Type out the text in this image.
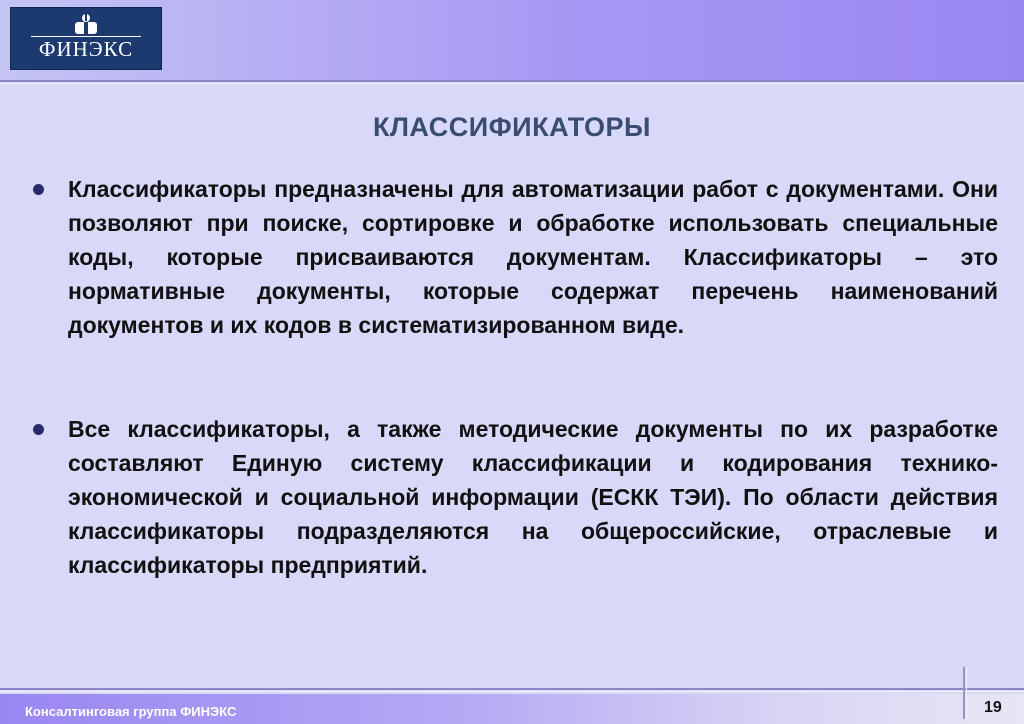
ФИНЭКС
КЛАССИФИКАТОРЫ
Классификаторы предназначены для автоматизации работ с документами. Они позволяют при поиске, сортировке и обработке использовать специальные коды, которые присваиваются документам. Классификаторы – это нормативные документы, которые содержат перечень наименований документов и их кодов в систематизированном виде.
Все классификаторы, а также методические документы по их разработке составляют Единую систему классификации и кодирования технико-экономической и социальной информации (ЕСКК ТЭИ). По области действия классификаторы подразделяются на общероссийские, отраслевые и классификаторы предприятий.
Консалтинговая группа ФИНЭКС	19
